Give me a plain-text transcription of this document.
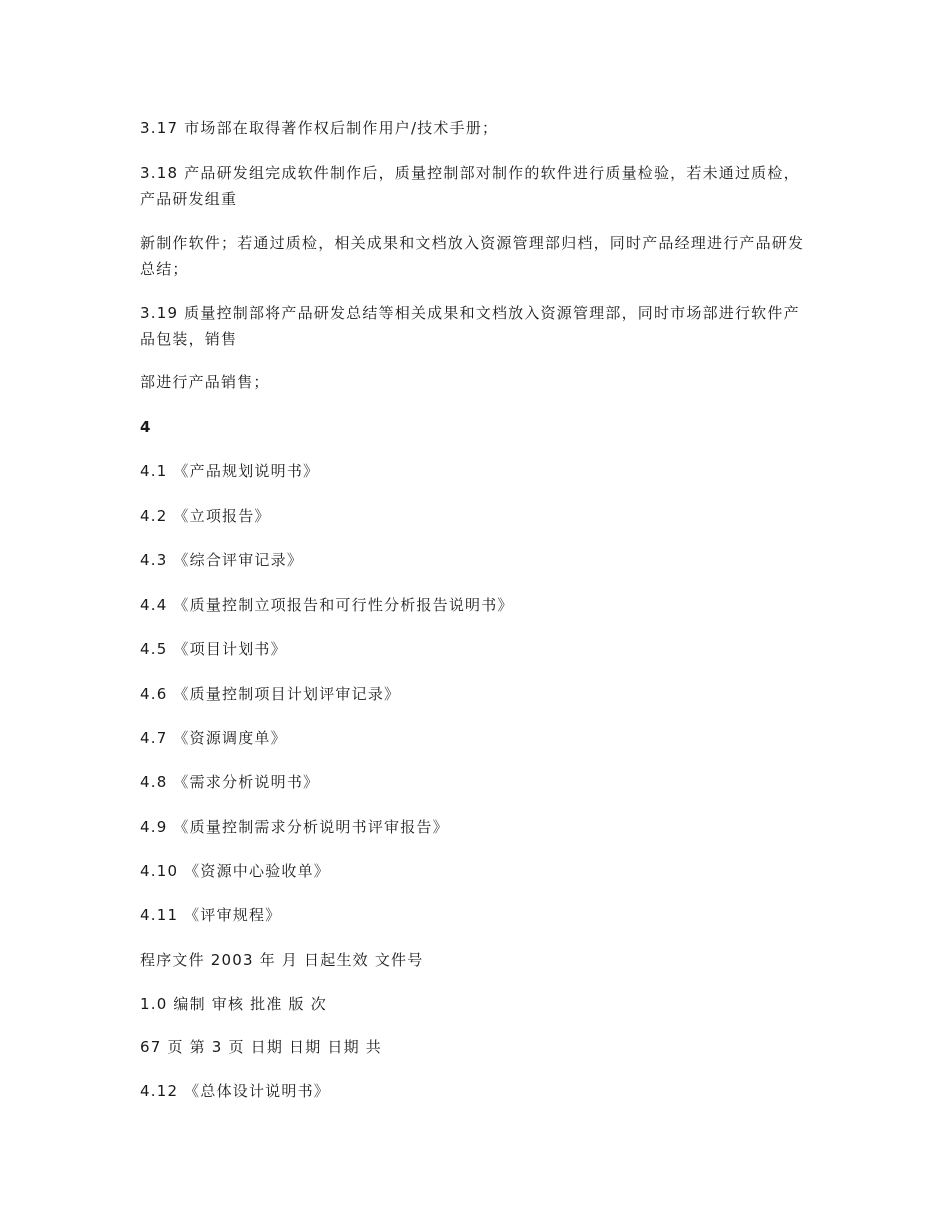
3.17 市场部在取得著作权后制作用户/技术手册；
3.18 产品研发组完成软件制作后，质量控制部对制作的软件进行质量检验，若未通过质检，产品研发组重
新制作软件；若通过质检，相关成果和文档放入资源管理部归档，同时产品经理进行产品研发总结；
3.19 质量控制部将产品研发总结等相关成果和文档放入资源管理部，同时市场部进行软件产品包装，销售
部进行产品销售；
4
4.1 《产品规划说明书》
4.2 《立项报告》
4.3 《综合评审记录》
4.4 《质量控制立项报告和可行性分析报告说明书》
4.5 《项目计划书》
4.6 《质量控制项目计划评审记录》
4.7 《资源调度单》
4.8 《需求分析说明书》
4.9 《质量控制需求分析说明书评审报告》
4.10 《资源中心验收单》
4.11 《评审规程》
程序文件 2003 年 月 日起生效 文件号
1.0 编制 审核 批准 版 次
67 页 第 3 页 日期 日期 日期 共
4.12 《总体设计说明书》
